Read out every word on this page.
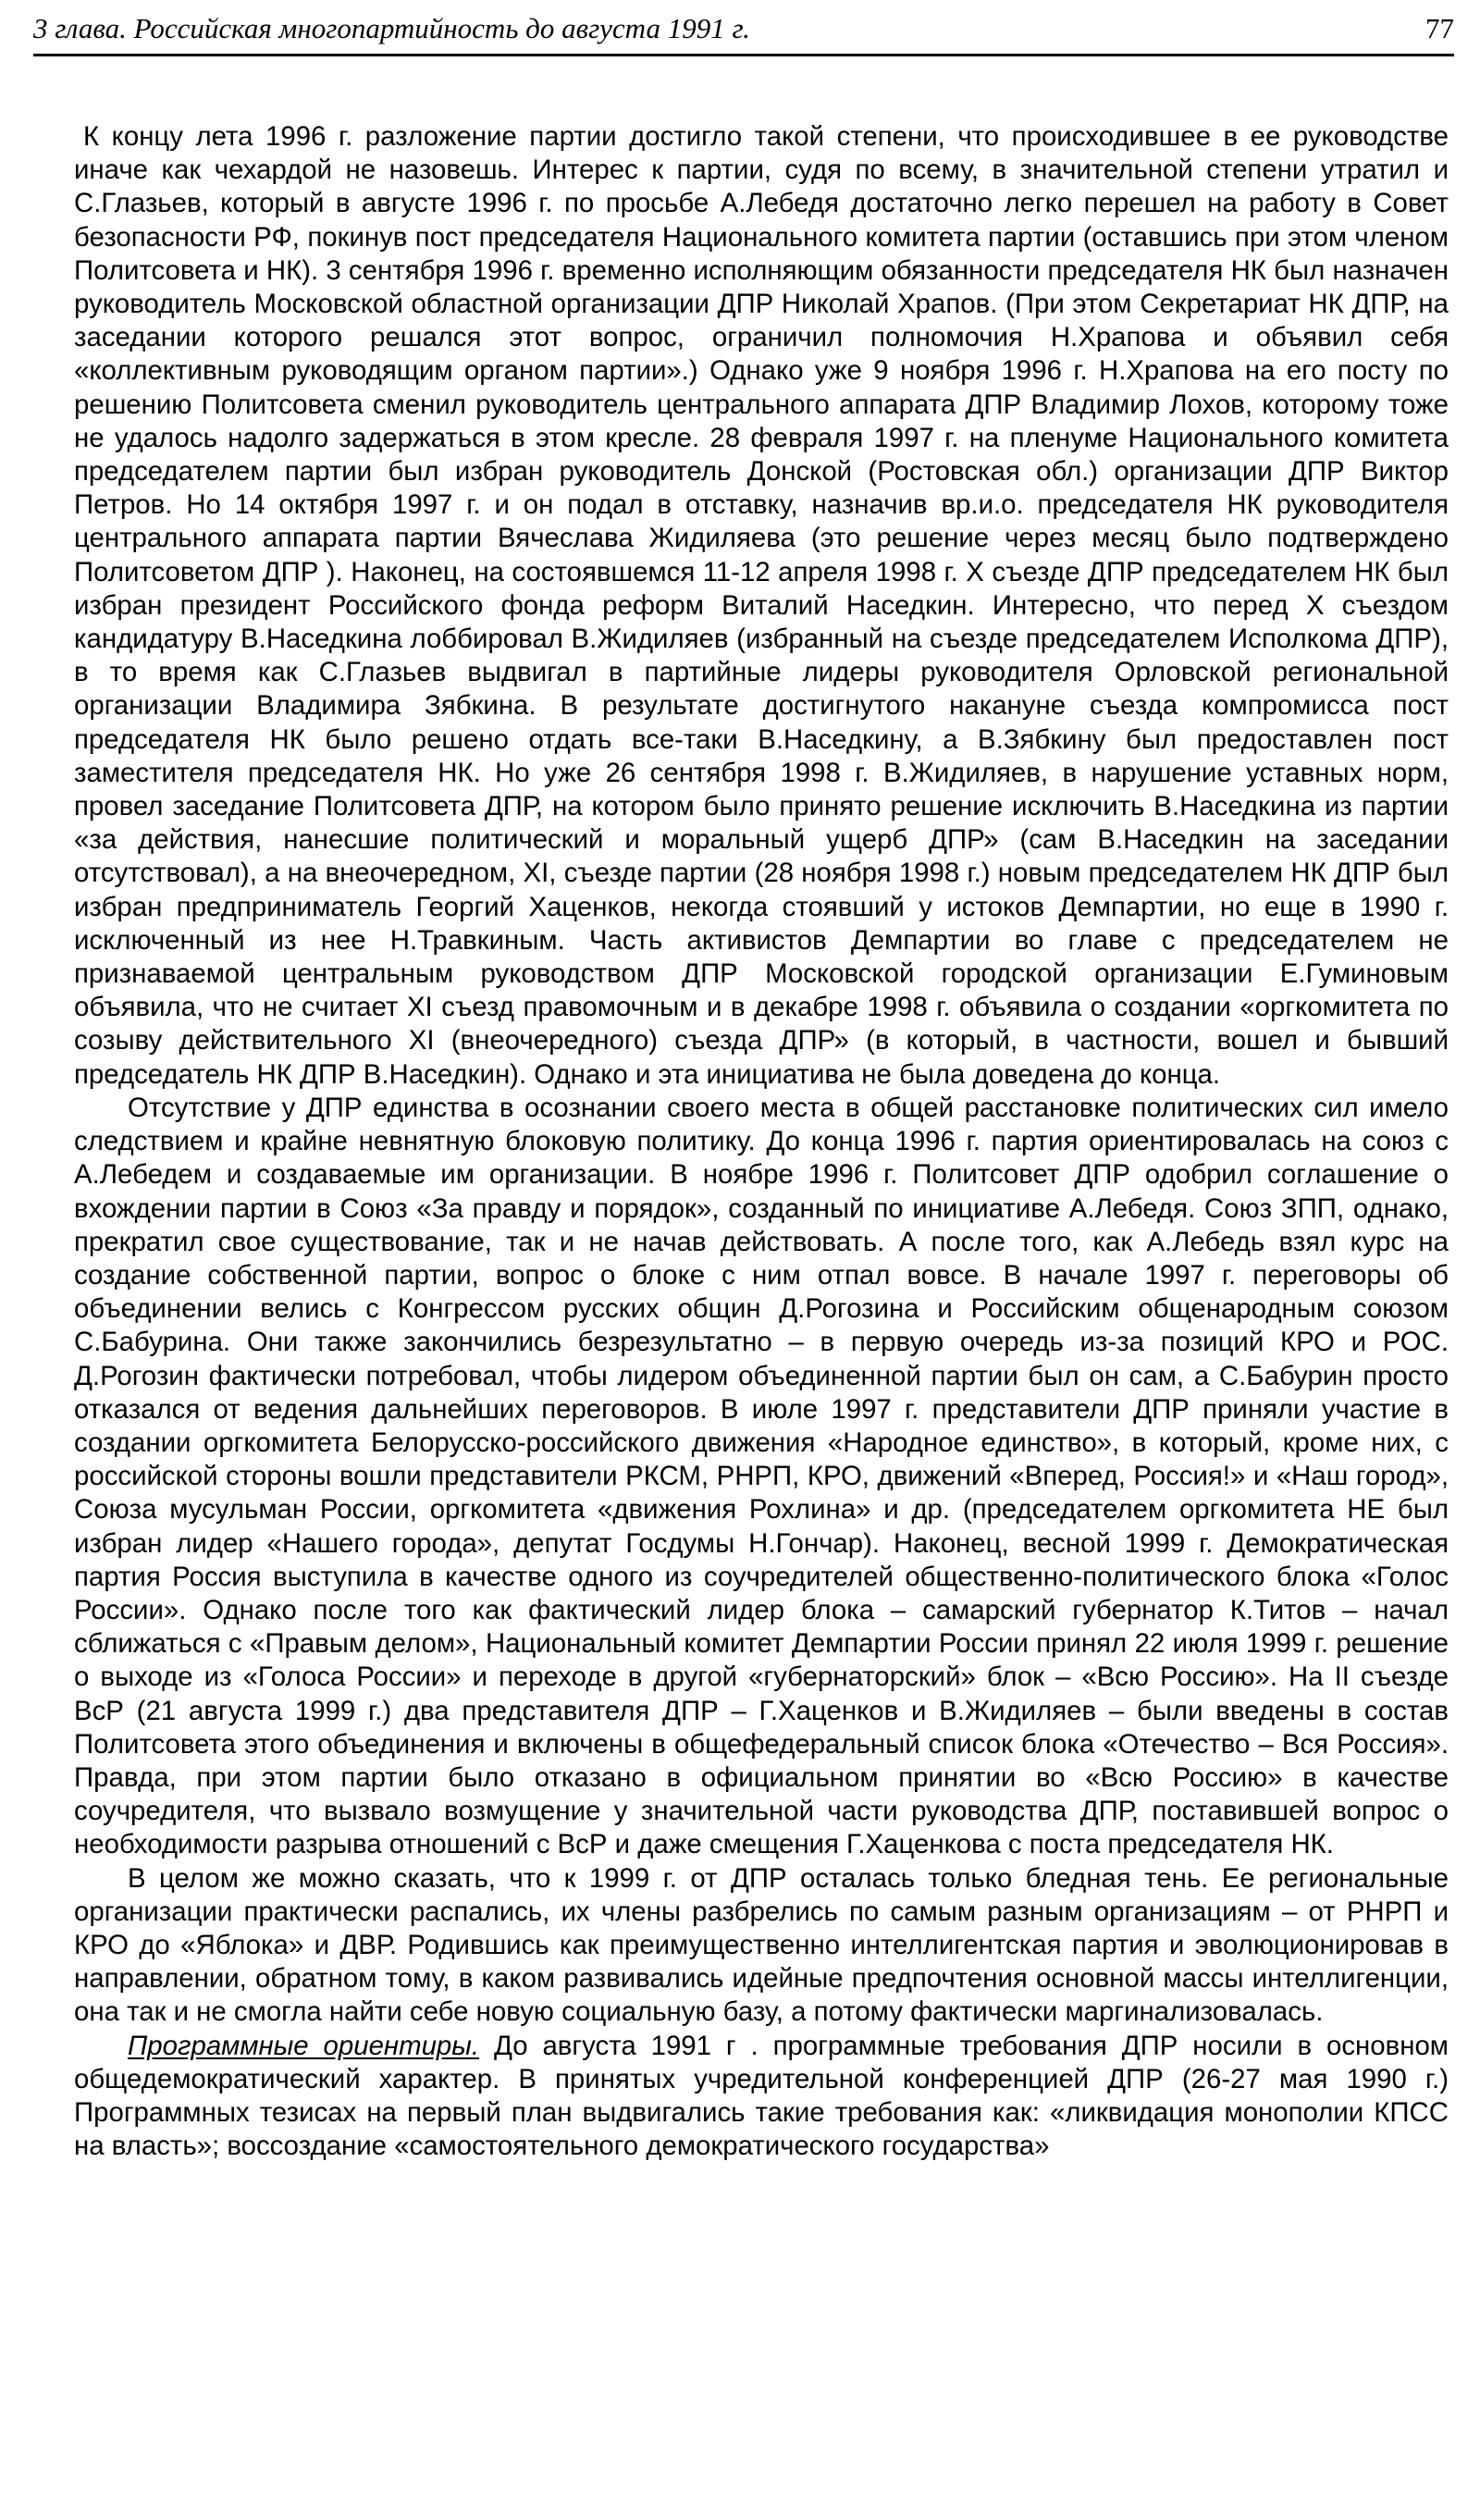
3 глава. Российская многопартийность до августа 1991 г.	77

К концу лета 1996 г. разложение партии достигло такой степени, что происходившее в ее руководстве иначе как чехардой не назовешь. Интерес к партии, судя по всему, в значительной степени утратил и С.Глазьев, который в августе 1996 г. по просьбе А.Лебедя достаточно легко перешел на работу в Совет безопасности РФ, покинув пост председателя Национального комитета партии (оставшись при этом членом Политсовета и НК). 3 сентября 1996 г. временно исполняющим обязанности председателя НК был назначен руководитель Московской областной организации ДПР Николай Храпов. (При этом Секретариат НК ДПР, на заседании которого решался этот вопрос, ограничил полномочия Н.Храпова и объявил себя «коллективным руководящим органом партии».) Однако уже 9 ноября 1996 г. Н.Храпова на его посту по решению Политсовета сменил руководитель центрального аппарата ДПР Владимир Лохов, которому тоже не удалось надолго задержаться в этом кресле. 28 февраля 1997 г. на пленуме Национального комитета председателем партии был избран руководитель Донской (Ростовская обл.) организации ДПР Виктор Петров. Но 14 октября 1997 г. и он подал в отставку, назначив вр.и.о. председателя НК руководителя центрального аппарата партии Вячеслава Жидиляева (это решение через месяц было подтверждено Политсоветом ДПР ). Наконец, на состоявшемся 11-12 апреля 1998 г. X съезде ДПР председателем НК был избран президент Российского фонда реформ Виталий Наседкин. Интересно, что перед X съездом кандидатуру В.Наседкина лоббировал В.Жидиляев (избранный на съезде председателем Исполкома ДПР), в то время как С.Глазьев выдвигал в партийные лидеры руководителя Орловской региональной организации Владимира Зябкина. В результате достигнутого накануне съезда компромисса пост председателя НК было решено отдать все-таки В.Наседкину, а В.Зябкину был предоставлен пост заместителя председателя НК. Но уже 26 сентября 1998 г. В.Жидиляев, в нарушение уставных норм, провел заседание Политсовета ДПР, на котором было принято решение исключить В.Наседкина из партии «за действия, нанесшие политический и моральный ущерб ДПР» (сам В.Наседкин на заседании отсутствовал), а на внеочередном, XI, съезде партии (28 ноября 1998 г.) новым председателем НК ДПР был избран предприниматель Георгий Хаценков, некогда стоявший у истоков Демпартии, но еще в 1990 г. исключенный из нее Н.Травкиным. Часть активистов Демпартии во главе с председателем не признаваемой центральным руководством ДПР Московской городской организации Е.Гуминовым объявила, что не считает XI съезд правомочным и в декабре 1998 г. объявила о создании «оргкомитета по созыву действительного XI (внеочередного) съезда ДПР» (в который, в частности, вошел и бывший председатель НК ДПР В.Наседкин). Однако и эта инициатива не была доведена до конца.

Отсутствие у ДПР единства в осознании своего места в общей расстановке политических сил имело следствием и крайне невнятную блоковую политику. До конца 1996 г. партия ориентировалась на союз с А.Лебедем и создаваемые им организации. В ноябре 1996 г. Политсовет ДПР одобрил соглашение о вхождении партии в Союз «За правду и порядок», созданный по инициативе А.Лебедя. Союз ЗПП, однако, прекратил свое существование, так и не начав действовать. А после того, как А.Лебедь взял курс на создание собственной партии, вопрос о блоке с ним отпал вовсе. В начале 1997 г. переговоры об объединении велись с Конгрессом русских общин Д.Рогозина и Российским общенародным союзом С.Бабурина. Они также закончились безрезультатно – в первую очередь из-за позиций КРО и РОС. Д.Рогозин фактически потребовал, чтобы лидером объединенной партии был он сам, а С.Бабурин просто отказался от ведения дальнейших переговоров. В июле 1997 г. представители ДПР приняли участие в создании оргкомитета Белорусско-российского движения «Народное единство», в который, кроме них, с российской стороны вошли представители РКСМ, РНРП, КРО, движений «Вперед, Россия!» и «Наш город», Союза мусульман России, оргкомитета «движения Рохлина» и др. (председателем оргкомитета НЕ был избран лидер «Нашего города», депутат Госдумы Н.Гончар). Наконец, весной 1999 г. Демократическая партия Россия выступила в качестве одного из соучредителей общественно-политического блока «Голос России». Однако после того как фактический лидер блока – самарский губернатор К.Титов – начал сближаться с «Правым делом», Национальный комитет Демпартии России принял 22 июля 1999 г. решение о выходе из «Голоса России» и переходе в другой «губернаторский» блок – «Всю Россию». На II съезде ВсР (21 августа 1999 г.) два представителя ДПР – Г.Хаценков и В.Жидиляев – были введены в состав Политсовета этого объединения и включены в общефедеральный список блока «Отечество – Вся Россия». Правда, при этом партии было отказано в официальном принятии во «Всю Россию» в качестве соучредителя, что вызвало возмущение у значительной части руководства ДПР, поставившей вопрос о необходимости разрыва отношений с ВсР и даже смещения Г.Хаценкова с поста председателя НК.

В целом же можно сказать, что к 1999 г. от ДПР осталась только бледная тень. Ее региональные организации практически распались, их члены разбрелись по самым разным организациям – от РНРП и КРО до «Яблока» и ДВР. Родившись как преимущественно интеллигентская партия и эволюционировав в направлении, обратном тому, в каком развивались идейные предпочтения основной массы интеллигенции, она так и не смогла найти себе новую социальную базу, а потому фактически маргинализовалась.

Программные ориентиры. До августа 1991 г . программные требования ДПР носили в основном общедемократический характер. В принятых учредительной конференцией ДПР (26-27 мая 1990 г.) Программных тезисах на первый план выдвигались такие требования как: «ликвидация монополии КПСС на власть»; воссоздание «самостоятельного демократического государства»
